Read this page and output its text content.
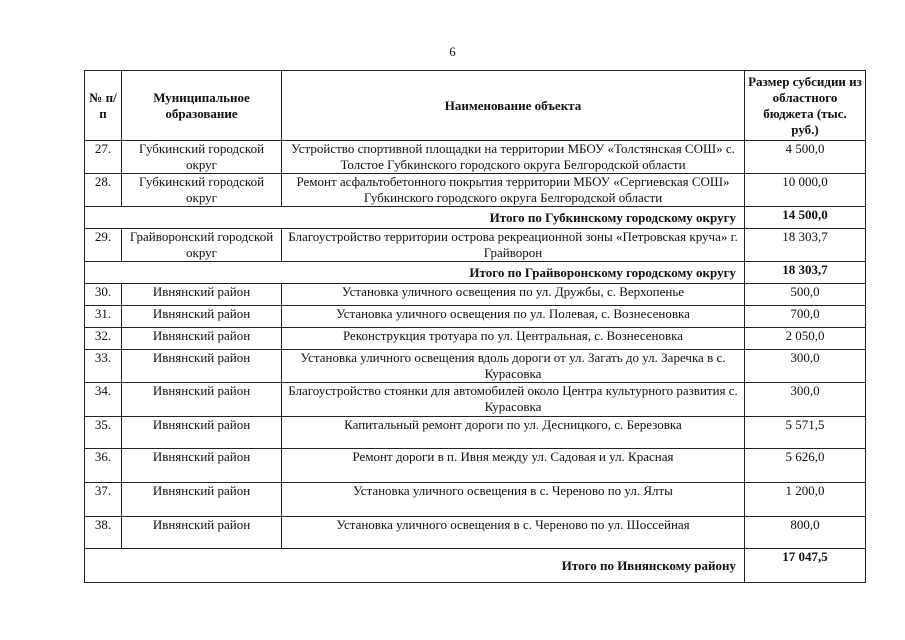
6
№ п/п	Муниципальное образование	Наименование объекта	Размер субсидии из областного бюджета (тыс. руб.)
27.	Губкинский городской округ	Устройство спортивной площадки на территории МБОУ «Толстянская СОШ» с. Толстое Губкинского городского округа Белгородской области	4 500,0
28.	Губкинский городской округ	Ремонт асфальтобетонного покрытия территории МБОУ «Сергиевская СОШ» Губкинского городского округа Белгородской области	10 000,0
Итого по Губкинскому городскому округу			14 500,0
29.	Грайворонский городской округ	Благоустройство территории острова рекреационной зоны «Петровская круча» г. Грайворон	18 303,7
Итого по Грайворонскому городскому округу			18 303,7
30.	Ивнянский район	Установка уличного освещения по ул. Дружбы, с. Верхопенье	500,0
31.	Ивнянский район	Установка уличного освещения по ул. Полевая, с. Вознесеновка	700,0
32.	Ивнянский район	Реконструкция тротуара по ул. Центральная, с. Вознесеновка	2 050,0
33.	Ивнянский район	Установка уличного освещения вдоль дороги от ул. Загать до ул. Заречка в с. Курасовка	300,0
34.	Ивнянский район	Благоустройство стоянки для автомобилей около Центра культурного развития с. Курасовка	300,0
35.	Ивнянский район	Капитальный ремонт дороги по ул. Десницкого, с. Березовка	5 571,5
36.	Ивнянский район	Ремонт дороги в п. Ивня между ул. Садовая и ул. Красная	5 626,0
37.	Ивнянский район	Установка уличного освещения в с. Череново по ул. Ялты	1 200,0
38.	Ивнянский район	Установка уличного освещения в с. Череново по ул. Шоссейная	800,0
Итого по Ивнянскому району			17 047,5
